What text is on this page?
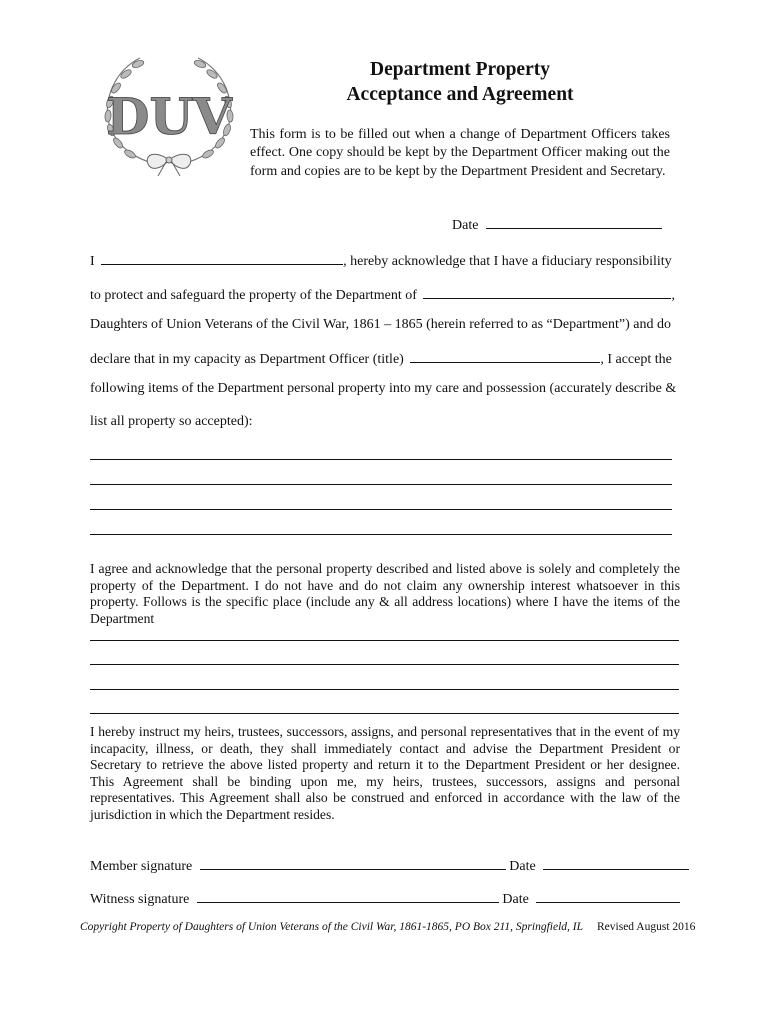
DUV
Department Property
Acceptance and Agreement
This form is to be filled out when a change of Department Officers takes effect. One copy should be kept by the Department Officer making out the form and copies are to be kept by the Department President and Secretary.
Date
I	, hereby acknowledge that I have a fiduciary responsibility
to protect and safeguard the property of the Department of	,
Daughters of Union Veterans of the Civil War, 1861 – 1865 (herein referred to as “Department”) and do
declare that in my capacity as Department Officer (title)	, I accept the
following items of the Department personal property into my care and possession (accurately describe &
list all property so accepted):
I agree and acknowledge that the personal property described and listed above is solely and completely the property of the Department. I do not have and do not claim any ownership interest whatsoever in this property. Follows is the specific place (include any & all address locations) where I have the items of the Department
I hereby instruct my heirs, trustees, successors, assigns, and personal representatives that in the event of my incapacity, illness, or death, they shall immediately contact and advise the Department President or Secretary to retrieve the above listed property and return it to the Department President or her designee. This Agreement shall be binding upon me, my heirs, trustees, successors, assigns and personal representatives. This Agreement shall also be construed and enforced in accordance with the law of the jurisdiction in which the Department resides.
Member signature	Date
Witness signature	Date
Copyright Property of Daughters of Union Veterans of the Civil War, 1861-1865, PO Box 211, Springfield, IL Revised August 2016
